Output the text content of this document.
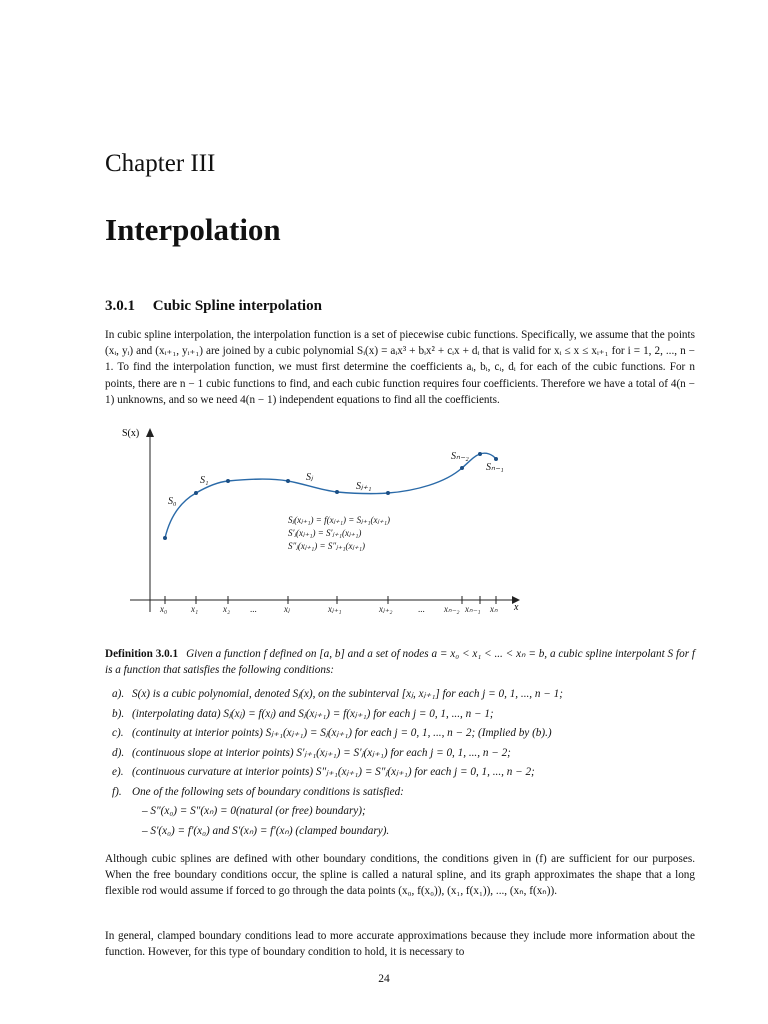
Chapter III
Interpolation
3.0.1 Cubic Spline interpolation

In cubic spline interpolation, the interpolation function is a set of piecewise cubic functions. Specifically, we assume that the points (xᵢ, yᵢ) and (xᵢ₊₁, yᵢ₊₁) are joined by a cubic polynomial Sᵢ(x) = aᵢx³ + bᵢx² + cᵢx + dᵢ that is valid for xᵢ ≤ x ≤ xᵢ₊₁ for i = 1, 2, ..., n − 1. To find the interpolation function, we must first determine the coefficients aᵢ, bᵢ, cᵢ, dᵢ for each of the cubic functions. For n points, there are n − 1 cubic functions to find, and each cubic function requires four coefficients. Therefore we have a total of 4(n − 1) unknowns, and so we need 4(n − 1) independent equations to find all the coefficients.

S(x)
x
x₀	x₁	x₂ ...	xⱼ	xⱼ₊₁	xⱼ₊₂	... xₙ₋₂ xₙ₋₁ xₙ
S₀
S₁	Sⱼ
Sⱼ₊₁
Sₙ₋₂
Sₙ₋₁
Sⱼ(xⱼ₊₁) = f(xⱼ₊₁) = Sⱼ₊₁(xⱼ₊₁)
S′ⱼ(xⱼ₊₁) = S′ⱼ₊₁(xⱼ₊₁)
S″ⱼ(xⱼ₊₁) = S″ⱼ₊₁(xⱼ₊₁)

Definition 3.0.1 Given a function f defined on [a, b] and a set of nodes a = x₀ < x₁ < ... < xₙ = b, a cubic spline interpolant S for f is a function that satisfies the following conditions:

a). S(x) is a cubic polynomial, denoted Sⱼ(x), on the subinterval [xⱼ, xⱼ₊₁] for each j = 0, 1, ..., n − 1;
b). (interpolating data) Sⱼ(xⱼ) = f(xⱼ) and Sⱼ(xⱼ₊₁) = f(xⱼ₊₁) for each j = 0, 1, ..., n − 1;
c). (continuity at interior points) Sⱼ₊₁(xⱼ₊₁) = Sⱼ(xⱼ₊₁) for each j = 0, 1, ..., n − 2; (Implied by (b).)
d). (continuous slope at interior points) S′ⱼ₊₁(xⱼ₊₁) = S′ⱼ(xⱼ₊₁) for each j = 0, 1, ..., n − 2;
e). (continuous curvature at interior points) S″ⱼ₊₁(xⱼ₊₁) = S″ⱼ(xⱼ₊₁) for each j = 0, 1, ..., n − 2;
f). One of the following sets of boundary conditions is satisfied:
– S″(x₀) = S″(xₙ) = 0(natural (or free) boundary);
– S′(x₀) = f′(x₀) and S′(xₙ) = f′(xₙ) (clamped boundary).

Although cubic splines are defined with other boundary conditions, the conditions given in (f) are sufficient for our purposes. When the free boundary conditions occur, the spline is called a natural spline, and its graph approximates the shape that a long flexible rod would assume if forced to go through the data points (x₀, f(x₀)), (x₁, f(x₁)), ..., (xₙ, f(xₙ)).

In general, clamped boundary conditions lead to more accurate approximations because they include more information about the function. However, for this type of boundary condition to hold, it is necessary to

24
